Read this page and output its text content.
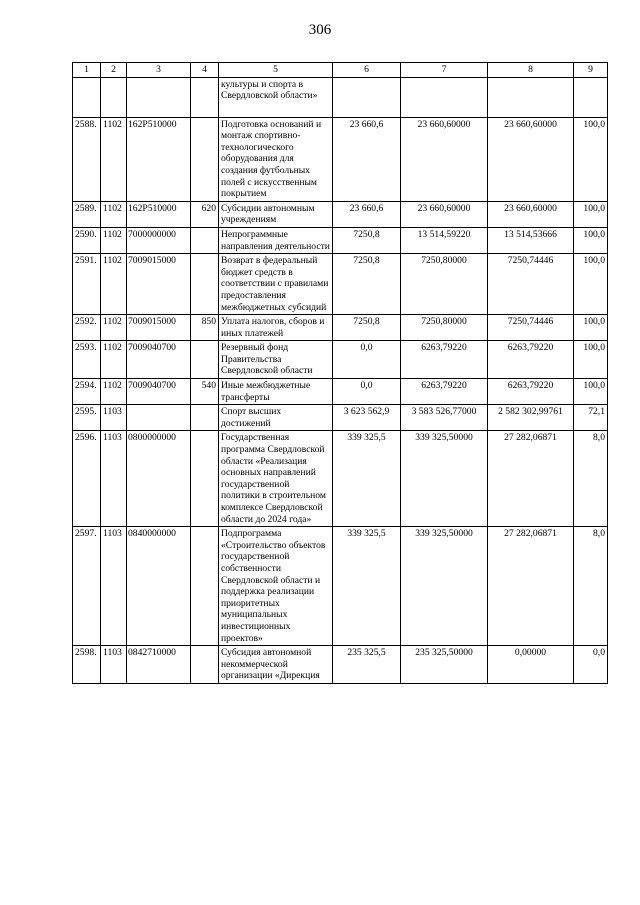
306
1	2	3	4	5	6	7	8	9
				культуры и спорта в Свердловской области»				
2588.	1102	162P510000		Подготовка оснований и монтаж спортивно-технологического оборудования для создания футбольных полей с искусственным покрытием	23 660,6	23 660,60000	23 660,60000	100,0
2589.	1102	162P510000	620	Субсидии автономным учреждениям	23 660,6	23 660,60000	23 660,60000	100,0
2590.	1102	7000000000		Непрограммные направления деятельности	7250,8	13 514,59220	13 514,53666	100,0
2591.	1102	7009015000		Возврат в федеральный бюджет средств в соответствии с правилами предоставления межбюджетных субсидий	7250,8	7250,80000	7250,74446	100,0
2592.	1102	7009015000	850	Уплата налогов, сборов и иных платежей	7250,8	7250,80000	7250,74446	100,0
2593.	1102	7009040700		Резервный фонд Правительства Свердловской области	0,0	6263,79220	6263,79220	100,0
2594.	1102	7009040700	540	Иные межбюджетные трансферты	0,0	6263,79220	6263,79220	100,0
2595.	1103			Спорт высших достижений	3 623 562,9	3 583 526,77000	2 582 302,99761	72,1
2596.	1103	0800000000		Государственная программа Свердловской области «Реализация основных направлений государственной политики в строительном комплексе Свердловской области до 2024 года»	339 325,5	339 325,50000	27 282,06871	8,0
2597.	1103	0840000000		Подпрограмма «Строительство объектов государственной собственности Свердловской области и поддержка реализации приоритетных муниципальных инвестиционных проектов»	339 325,5	339 325,50000	27 282,06871	8,0
2598.	1103	0842710000		Субсидия автономной некоммерческой организации «Дирекция	235 325,5	235 325,50000	0,00000	0,0
